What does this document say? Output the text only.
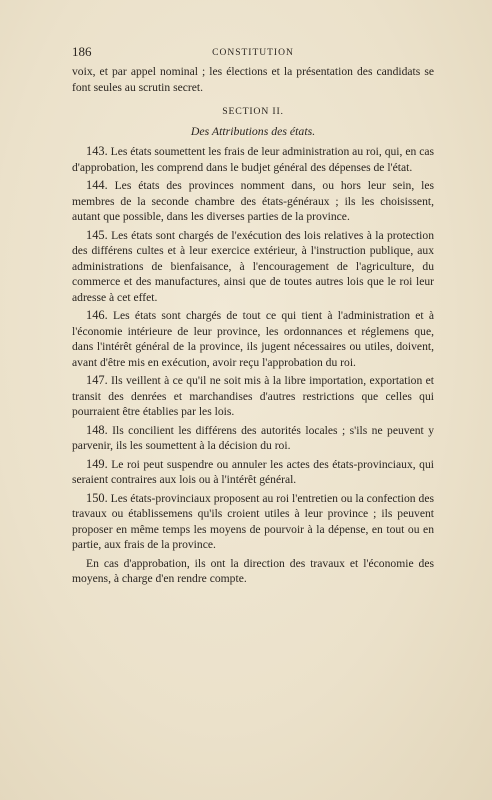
186	CONSTITUTION

voix, et par appel nominal ; les élections et la présentation des candidats se font seules au scrutin secret.

SECTION II.
Des Attributions des états.

143. Les états soumettent les frais de leur administration au roi, qui, en cas d'approbation, les comprend dans le budjet général des dépenses de l'état.

144. Les états des provinces nomment dans, ou hors leur sein, les membres de la seconde chambre des états-généraux ; ils les choisissent, autant que possible, dans les diverses parties de la province.

145. Les états sont chargés de l'exécution des lois relatives à la protection des différens cultes et à leur exercice extérieur, à l'instruction publique, aux administrations de bienfaisance, à l'encouragement de l'agriculture, du commerce et des manufactures, ainsi que de toutes autres lois que le roi leur adresse à cet effet.

146. Les états sont chargés de tout ce qui tient à l'administration et à l'économie intérieure de leur province, les ordonnances et réglemens que, dans l'intérêt général de la province, ils jugent nécessaires ou utiles, doivent, avant d'être mis en exécution, avoir reçu l'approbation du roi.

147. Ils veillent à ce qu'il ne soit mis à la libre importation, exportation et transit des denrées et marchandises d'autres restrictions que celles qui pourraient être établies par les lois.

148. Ils concilient les différens des autorités locales ; s'ils ne peuvent y parvenir, ils les soumettent à la décision du roi.

149. Le roi peut suspendre ou annuler les actes des états-provinciaux, qui seraient contraires aux lois ou à l'intérêt général.

150. Les états-provinciaux proposent au roi l'entretien ou la confection des travaux ou établissemens qu'ils croient utiles à leur province ; ils peuvent proposer en même temps les moyens de pourvoir à la dépense, en tout ou en partie, aux frais de la province.

En cas d'approbation, ils ont la direction des travaux et l'économie des moyens, à charge d'en rendre compte.
